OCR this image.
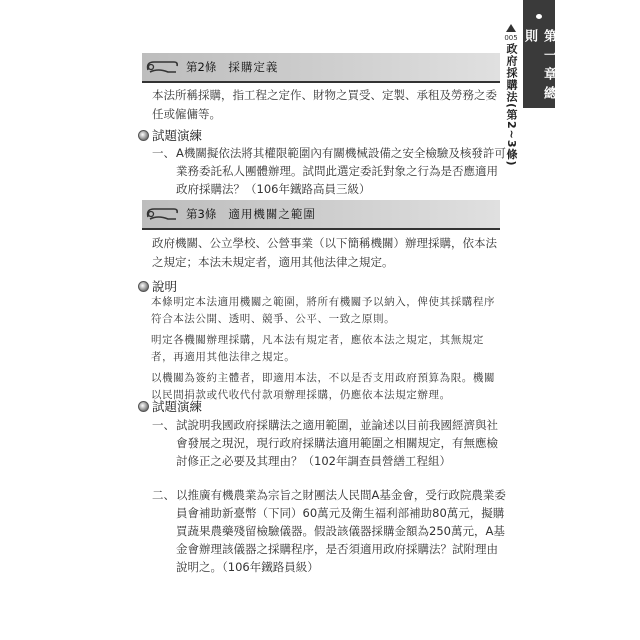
第一章總則
005
政府採購法(第2~3條)
第2條 採購定義
本法所稱採購，指工程之定作、財物之買受、定製、承租及勞務之委任或僱傭等。
試題演練
一、 A機關擬依法將其權限範圍內有關機械設備之安全檢驗及核發許可業務委託私人團體辦理。試問此選定委託對象之行為是否應適用政府採購法？（106年鐵路高員三級）
第3條 適用機關之範圍
政府機關、公立學校、公營事業（以下簡稱機關）辦理採購，依本法之規定；本法未規定者，適用其他法律之規定。
說明

本條明定本法適用機關之範圍，將所有機關予以納入，俾使其採購程序符合本法公開、透明、競爭、公平、一致之原則。

明定各機關辦理採購，凡本法有規定者，應依本法之規定，其無規定者，再適用其他法律之規定。

以機關為簽約主體者，即適用本法，不以是否支用政府預算為限。機關以民間捐款或代收代付款項辦理採購，仍應依本法規定辦理。

試題演練
一、 試說明我國政府採購法之適用範圍，並論述以目前我國經濟與社會發展之現況，現行政府採購法適用範圍之相關規定，有無應檢討修正之必要及其理由？（102年調查員營繕工程組）
二、 以推廣有機農業為宗旨之財團法人民間A基金會，受行政院農業委員會補助新臺幣（下同）60萬元及衛生福利部補助80萬元，擬購買蔬果農藥殘留檢驗儀器。假設該儀器採購金額為250萬元，A基金會辦理該儀器之採購程序，是否須適用政府採購法？試附理由說明之。（106年鐵路員級）
